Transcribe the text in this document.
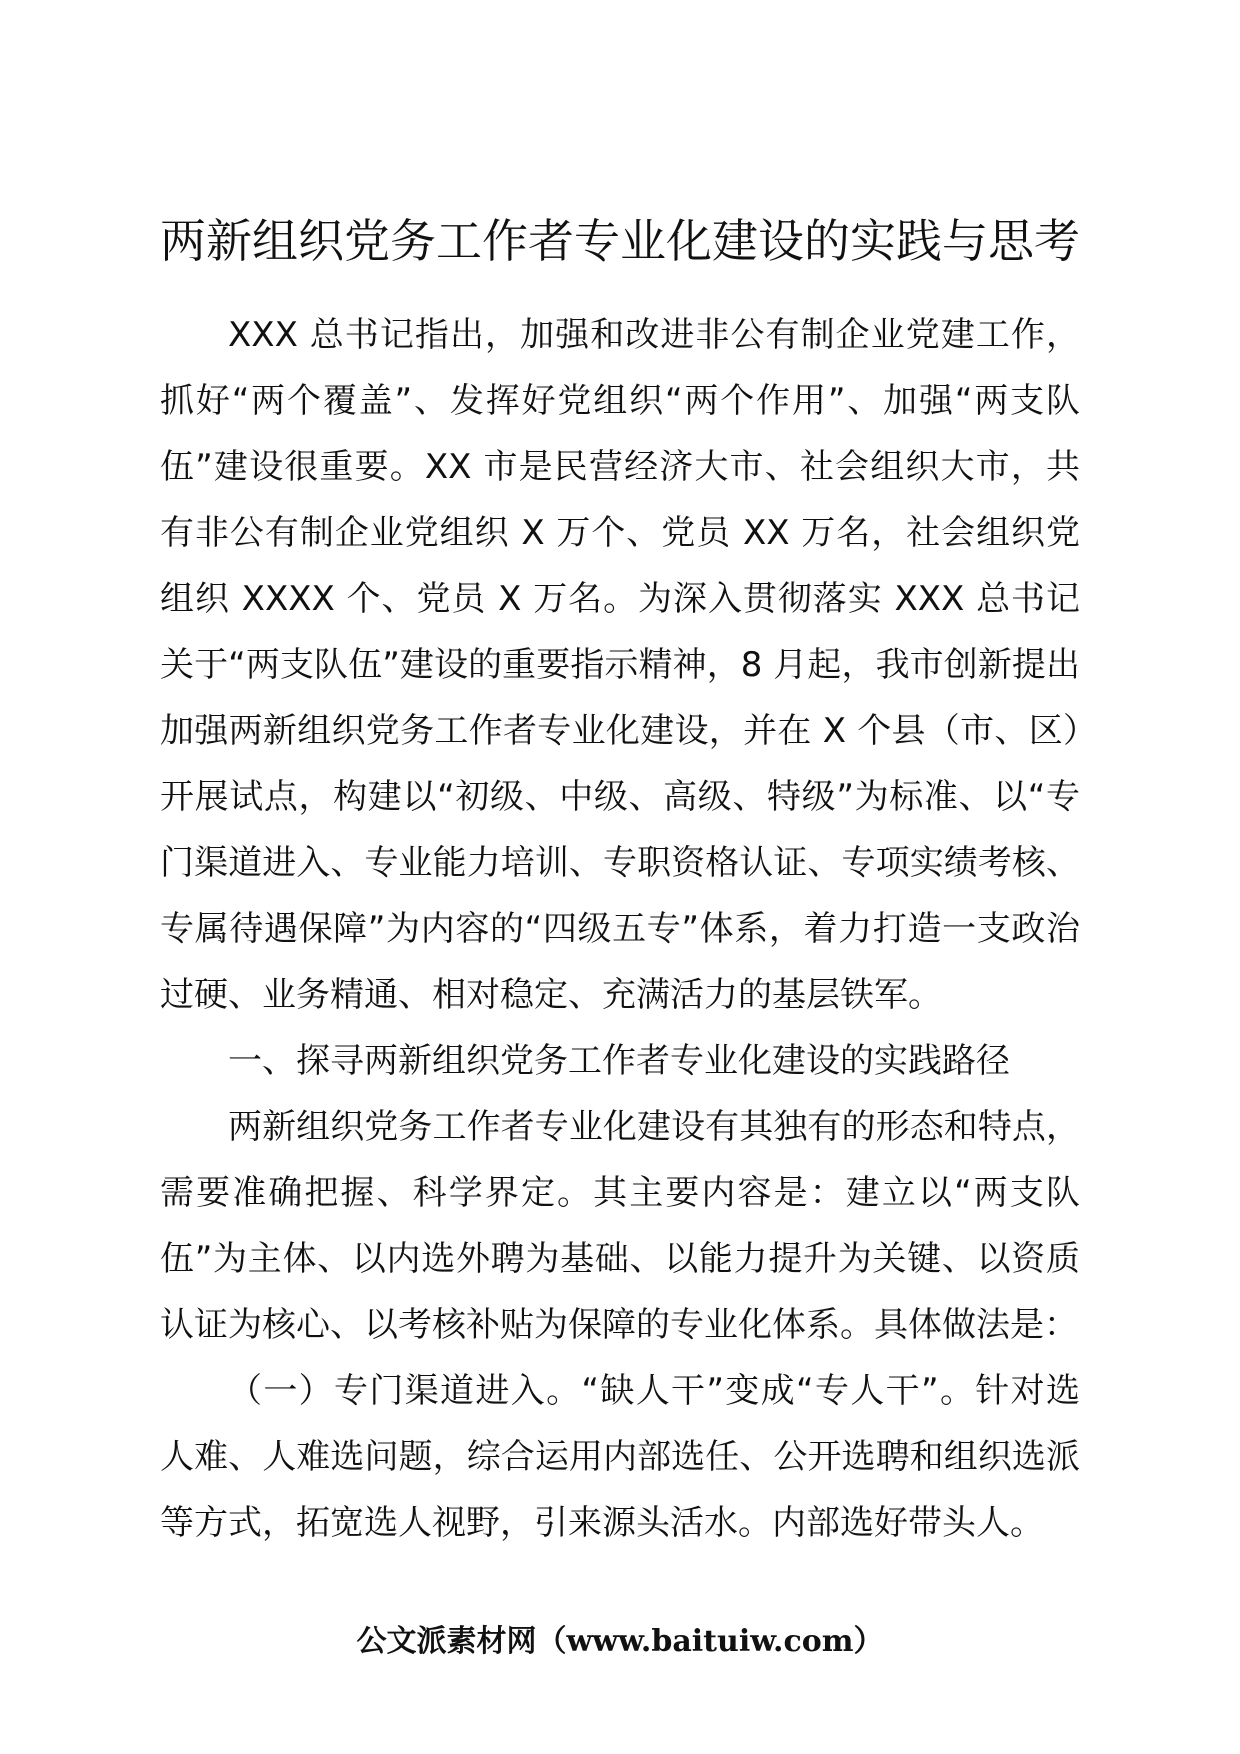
两新组织党务工作者专业化建设的实践与思考

XXX 总书记指出，加强和改进非公有制企业党建工作，抓好“两个覆盖”、发挥好党组织“两个作用”、加强“两支队伍”建设很重要。XX 市是民营经济大市、社会组织大市，共有非公有制企业党组织 X 万个、党员 XX 万名，社会组织党组织 XXXX 个、党员 X 万名。为深入贯彻落实 XXX 总书记关于“两支队伍”建设的重要指示精神，8 月起，我市创新提出加强两新组织党务工作者专业化建设，并在 X 个县（市、区）开展试点，构建以“初级、中级、高级、特级”为标准、以“专门渠道进入、专业能力培训、专职资格认证、专项实绩考核、专属待遇保障”为内容的“四级五专”体系，着力打造一支政治过硬、业务精通、相对稳定、充满活力的基层铁军。

一、探寻两新组织党务工作者专业化建设的实践路径

两新组织党务工作者专业化建设有其独有的形态和特点，需要准确把握、科学界定。其主要内容是：建立以“两支队伍”为主体、以内选外聘为基础、以能力提升为关键、以资质认证为核心、以考核补贴为保障的专业化体系。具体做法是：

（一）专门渠道进入。“缺人干”变成“专人干”。针对选人难、人难选问题，综合运用内部选任、公开选聘和组织选派等方式，拓宽选人视野，引来源头活水。内部选好带头人。

公文派素材网（www.baituiw.com）
